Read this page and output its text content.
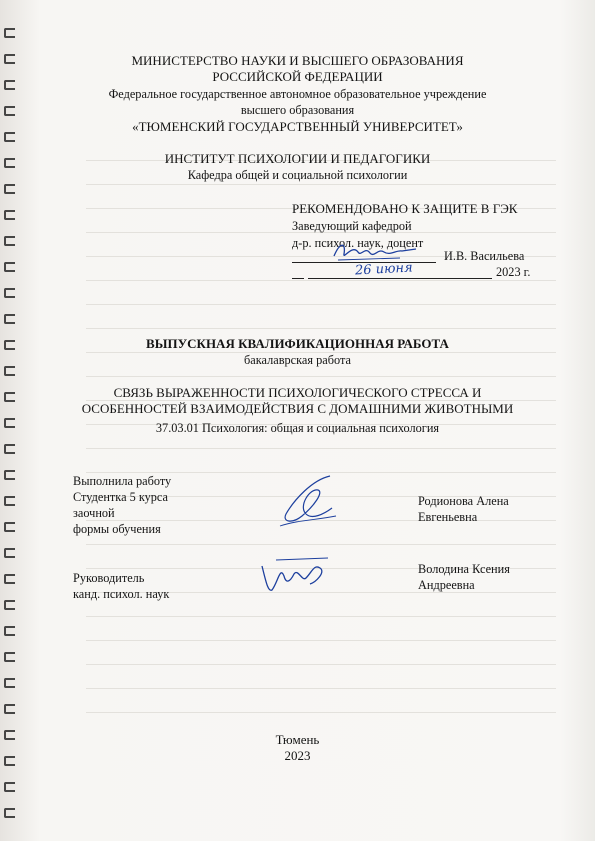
МИНИСТЕРСТВО НАУКИ И ВЫСШЕГО ОБРАЗОВАНИЯ
РОССИЙСКОЙ ФЕДЕРАЦИИ
Федеральное государственное автономное образовательное учреждение
высшего образования
«ТЮМЕНСКИЙ ГОСУДАРСТВЕННЫЙ УНИВЕРСИТЕТ»
ИНСТИТУТ ПСИХОЛОГИИ И ПЕДАГОГИКИ
Кафедра общей и социальной психологии
РЕКОМЕНДОВАНО К ЗАЩИТЕ В ГЭК
Заведующий кафедрой
д-р. психол. наук, доцент
И.В. Васильева
26 июня	2023 г.
ВЫПУСКНАЯ КВАЛИФИКАЦИОННАЯ РАБОТА
бакалаврская работа
СВЯЗЬ ВЫРАЖЕННОСТИ ПСИХОЛОГИЧЕСКОГО СТРЕССА И
ОСОБЕННОСТЕЙ ВЗАИМОДЕЙСТВИЯ С ДОМАШНИМИ ЖИВОТНЫМИ
37.03.01 Психология: общая и социальная психология
Выполнила работу
Студентка 5 курса
заочной
формы обучения
Родионова Алена
Евгеньевна
Руководитель
канд. психол. наук
Володина Ксения
Андреевна
Тюмень
2023
